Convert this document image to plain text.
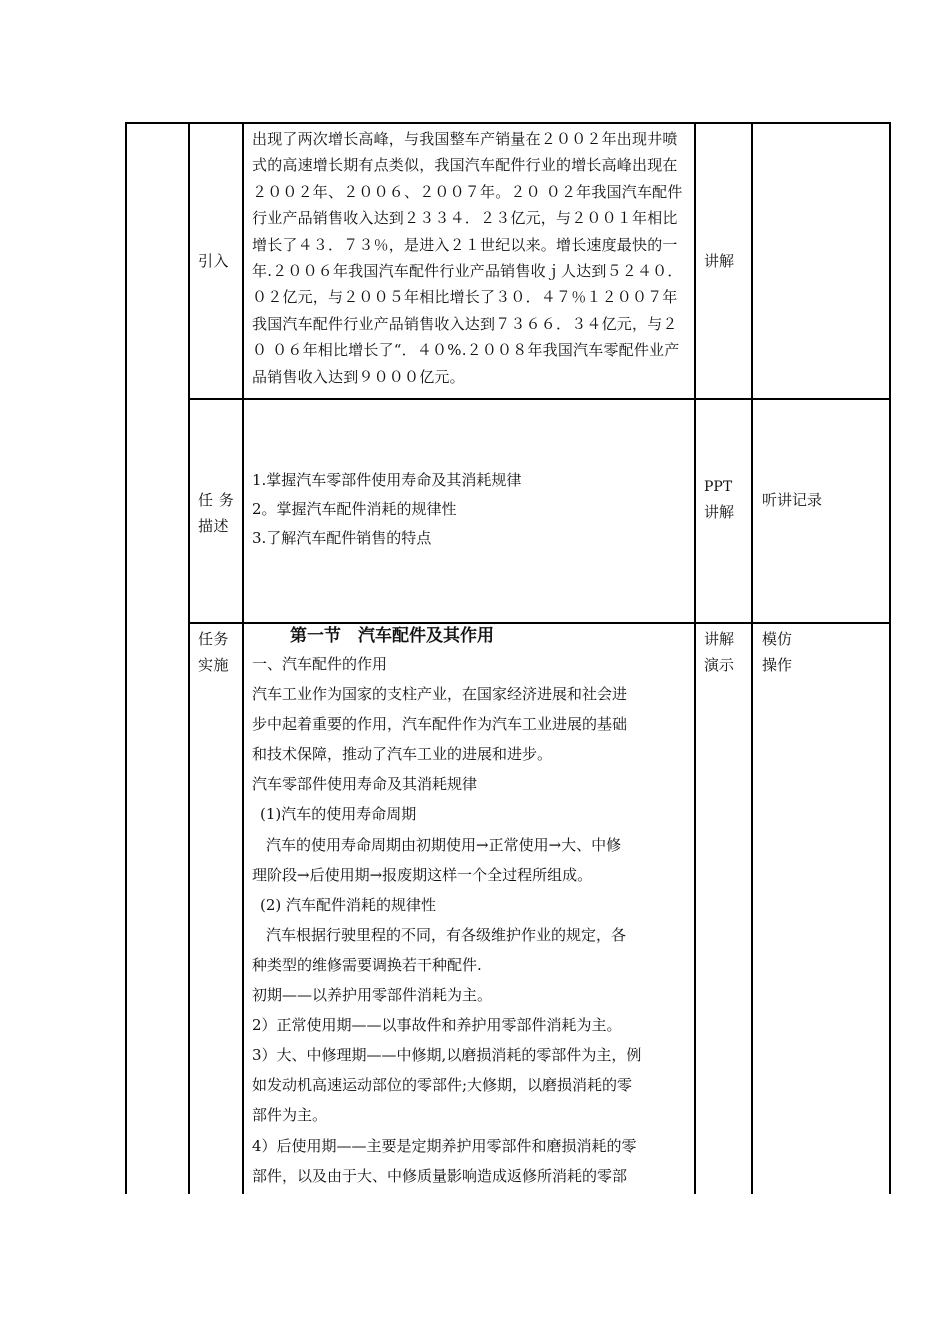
引入
出现了两次增长高峰，与我国整车产销量在２００２年出现井喷式的高速增长期有点类似，我国汽车配件行业的增长高峰出现在２００２年、２００６、２００７年。２０ ０２年我国汽车配件行业产品销售收入达到２３３４．２３亿元，与２００１年相比增长了４３．７３％，是进入２１世纪以来。增长速度最快的一年.２００６年我国汽车配件行业产品销售收ｊ人达到５２４０．０２亿元，与２００５年相比增长了３０．４７％１２００７年我国汽车配件行业产品销售收入达到７３６６．３４亿元，与２０ ０６年相比增长了“．４０%.２００８年我国汽车零配件业产品销售收入达到９０００亿元。
讲解
任 务
描述

1.掌握汽车零部件使用寿命及其消耗规律

2。掌握汽车配件消耗的规律性

3.了解汽车配件销售的特点

PPT
讲解
听讲记录
任务
实施
第一节　汽车配件及其作用

一、汽车配件的作用

汽车工业作为国家的支柱产业，在国家经济进展和社会进

步中起着重要的作用，汽车配件作为汽车工业进展的基础

和技术保障，推动了汽车工业的进展和进步。

汽车零部件使用寿命及其消耗规律

(1)汽车的使用寿命周期

汽车的使用寿命周期由初期使用→正常使用→大、中修

理阶段→后使用期→报废期这样一个全过程所组成。

(2) 汽车配件消耗的规律性

汽车根据行驶里程的不同，有各级维护作业的规定，各

种类型的维修需要调换若干种配件.

初期——以养护用零部件消耗为主。

2）正常使用期——以事故件和养护用零部件消耗为主。

3）大、中修理期——中修期,以磨损消耗的零部件为主，例

如发动机高速运动部位的零部件;大修期，以磨损消耗的零

部件为主。

4）后使用期——主要是定期养护用零部件和磨损消耗的零

部件，以及由于大、中修质量影响造成返修所消耗的零部

讲解
演示
模仿
操作
